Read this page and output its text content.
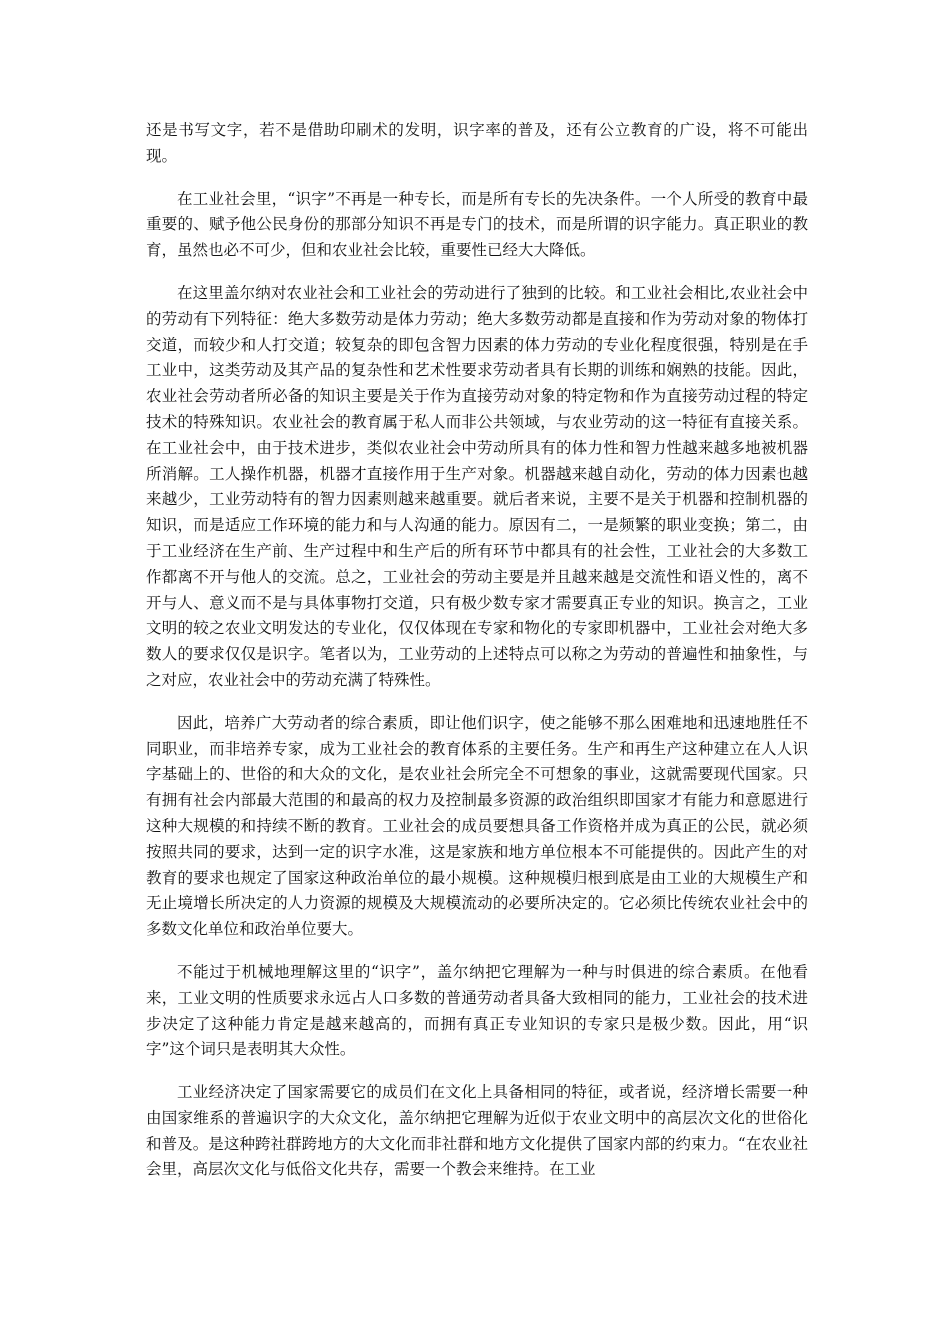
还是书写文字，若不是借助印刷术的发明，识字率的普及，还有公立教育的广设，将不可能出现。

在工业社会里，“识字”不再是一种专长，而是所有专长的先决条件。一个人所受的教育中最重要的、赋予他公民身份的那部分知识不再是专门的技术，而是所谓的识字能力。真正职业的教育，虽然也必不可少，但和农业社会比较，重要性已经大大降低。

在这里盖尔纳对农业社会和工业社会的劳动进行了独到的比较。和工业社会相比,农业社会中的劳动有下列特征：绝大多数劳动是体力劳动；绝大多数劳动都是直接和作为劳动对象的物体打交道，而较少和人打交道；较复杂的即包含智力因素的体力劳动的专业化程度很强，特别是在手工业中，这类劳动及其产品的复杂性和艺术性要求劳动者具有长期的训练和娴熟的技能。因此，农业社会劳动者所必备的知识主要是关于作为直接劳动对象的特定物和作为直接劳动过程的特定技术的特殊知识。农业社会的教育属于私人而非公共领域，与农业劳动的这一特征有直接关系。在工业社会中，由于技术进步，类似农业社会中劳动所具有的体力性和智力性越来越多地被机器所消解。工人操作机器，机器才直接作用于生产对象。机器越来越自动化，劳动的体力因素也越来越少，工业劳动特有的智力因素则越来越重要。就后者来说，主要不是关于机器和控制机器的知识，而是适应工作环境的能力和与人沟通的能力。原因有二，一是频繁的职业变换；第二，由于工业经济在生产前、生产过程中和生产后的所有环节中都具有的社会性，工业社会的大多数工作都离不开与他人的交流。总之，工业社会的劳动主要是并且越来越是交流性和语义性的，离不开与人、意义而不是与具体事物打交道，只有极少数专家才需要真正专业的知识。换言之，工业文明的较之农业文明发达的专业化，仅仅体现在专家和物化的专家即机器中，工业社会对绝大多数人的要求仅仅是识字。笔者以为，工业劳动的上述特点可以称之为劳动的普遍性和抽象性，与之对应，农业社会中的劳动充满了特殊性。

因此，培养广大劳动者的综合素质，即让他们识字，使之能够不那么困难地和迅速地胜任不同职业，而非培养专家，成为工业社会的教育体系的主要任务。生产和再生产这种建立在人人识字基础上的、世俗的和大众的文化，是农业社会所完全不可想象的事业，这就需要现代国家。只有拥有社会内部最大范围的和最高的权力及控制最多资源的政治组织即国家才有能力和意愿进行这种大规模的和持续不断的教育。工业社会的成员要想具备工作资格并成为真正的公民，就必须按照共同的要求，达到一定的识字水准，这是家族和地方单位根本不可能提供的。因此产生的对教育的要求也规定了国家这种政治单位的最小规模。这种规模归根到底是由工业的大规模生产和无止境增长所决定的人力资源的规模及大规模流动的必要所决定的。它必须比传统农业社会中的多数文化单位和政治单位要大。

不能过于机械地理解这里的“识字”，盖尔纳把它理解为一种与时俱进的综合素质。在他看来，工业文明的性质要求永远占人口多数的普通劳动者具备大致相同的能力，工业社会的技术进步决定了这种能力肯定是越来越高的，而拥有真正专业知识的专家只是极少数。因此，用“识字”这个词只是表明其大众性。

工业经济决定了国家需要它的成员们在文化上具备相同的特征，或者说，经济增长需要一种由国家维系的普遍识字的大众文化，盖尔纳把它理解为近似于农业文明中的高层次文化的世俗化和普及。是这种跨社群跨地方的大文化而非社群和地方文化提供了国家内部的约束力。“在农业社会里，高层次文化与低俗文化共存，需要一个教会来维持。在工业
